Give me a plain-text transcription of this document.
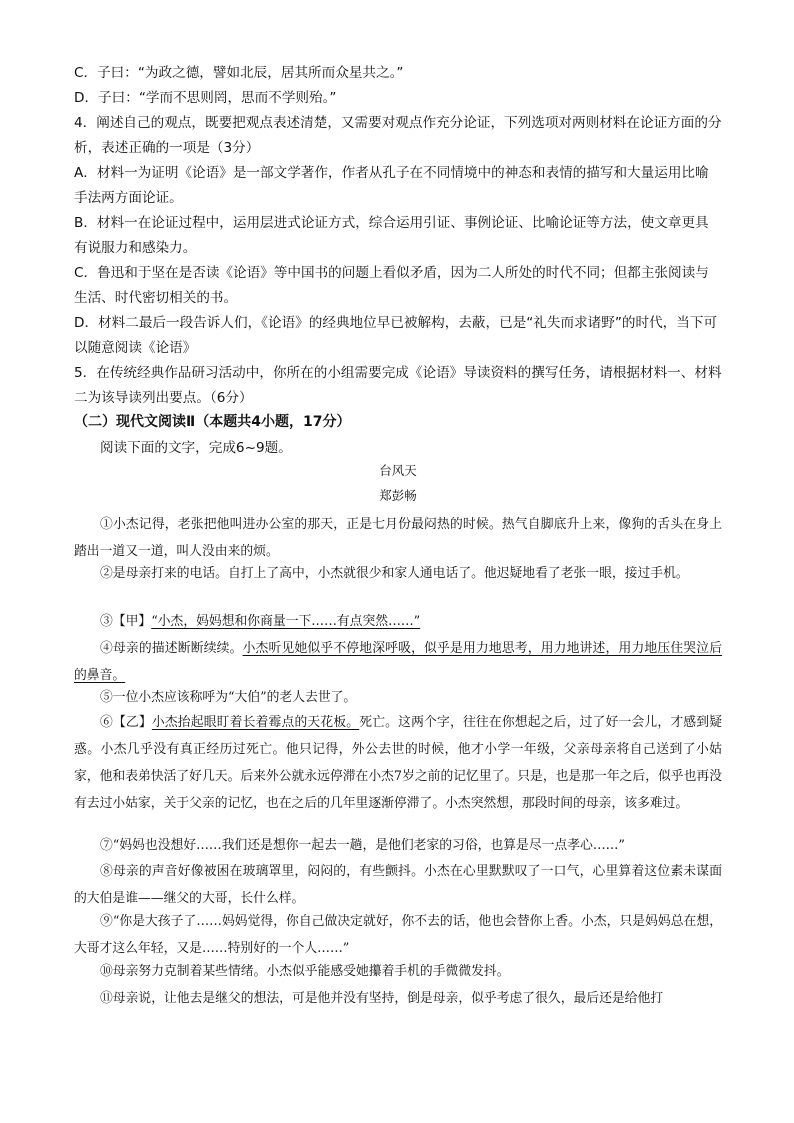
C．子曰：“为政之德，譬如北辰，居其所而众星共之。”

D．子曰：“学而不思则罔，思而不学则殆。”

4．阐述自己的观点，既要把观点表述清楚，又需要对观点作充分论证，下列选项对两则材料在论证方面的分析，表述正确的一项是（3分）

A．材料一为证明《论语》是一部文学著作，作者从孔子在不同情境中的神态和表情的描写和大量运用比喻手法两方面论证。

B．材料一在论证过程中，运用层进式论证方式，综合运用引证、事例论证、比喻论证等方法，使文章更具有说服力和感染力。

C．鲁迅和于坚在是否读《论语》等中国书的问题上看似矛盾，因为二人所处的时代不同；但都主张阅读与生活、时代密切相关的书。

D．材料二最后一段告诉人们，《论语》的经典地位早已被解构，去蔽，已是“礼失而求诸野”的时代，当下可以随意阅读《论语》

5．在传统经典作品研习活动中，你所在的小组需要完成《论语》导读资料的撰写任务，请根据材料一、材料二为该导读列出要点。（6分）

（二）现代文阅读Ⅱ（本题共4小题，17分）

阅读下面的文字，完成6~9题。

台风天

郑彭畅

①小杰记得，老张把他叫进办公室的那天，正是七月份最闷热的时候。热气自脚底升上来，像狗的舌头在身上踏出一道又一道，叫人没由来的烦。

②是母亲打来的电话。自打上了高中，小杰就很少和家人通电话了。他迟疑地看了老张一眼，接过手机。

③【甲】“小杰，妈妈想和你商量一下……有点突然……”

④母亲的描述断断续续。小杰听见她似乎不停地深呼吸，似乎是用力地思考，用力地讲述，用力地压住哭泣后的鼻音。

⑤一位小杰应该称呼为“大伯”的老人去世了。

⑥【乙】小杰抬起眼盯着长着霉点的天花板。死亡。这两个字，往往在你想起之后，过了好一会儿，才感到疑惑。小杰几乎没有真正经历过死亡。他只记得，外公去世的时候，他才小学一年级，父亲母亲将自己送到了小姑家，他和表弟快活了好几天。后来外公就永远停滞在小杰7岁之前的记忆里了。只是，也是那一年之后，似乎也再没有去过小姑家，关于父亲的记忆，也在之后的几年里逐渐停滞了。小杰突然想，那段时间的母亲，该多难过。

⑦“妈妈也没想好……我们还是想你一起去一趟，是他们老家的习俗，也算是尽一点孝心……”

⑧母亲的声音好像被困在玻璃罩里，闷闷的，有些颤抖。小杰在心里默默叹了一口气，心里算着这位素未谋面的大伯是谁——继父的大哥，长什么样。

⑨“你是大孩子了……妈妈觉得，你自己做决定就好，你不去的话，他也会替你上香。小杰，只是妈妈总在想，大哥才这么年轻，又是……特别好的一个人……”

⑩母亲努力克制着某些情绪。小杰似乎能感受她攥着手机的手微微发抖。

⑪母亲说，让他去是继父的想法，可是他并没有坚持，倒是母亲，似乎考虑了很久，最后还是给他打
